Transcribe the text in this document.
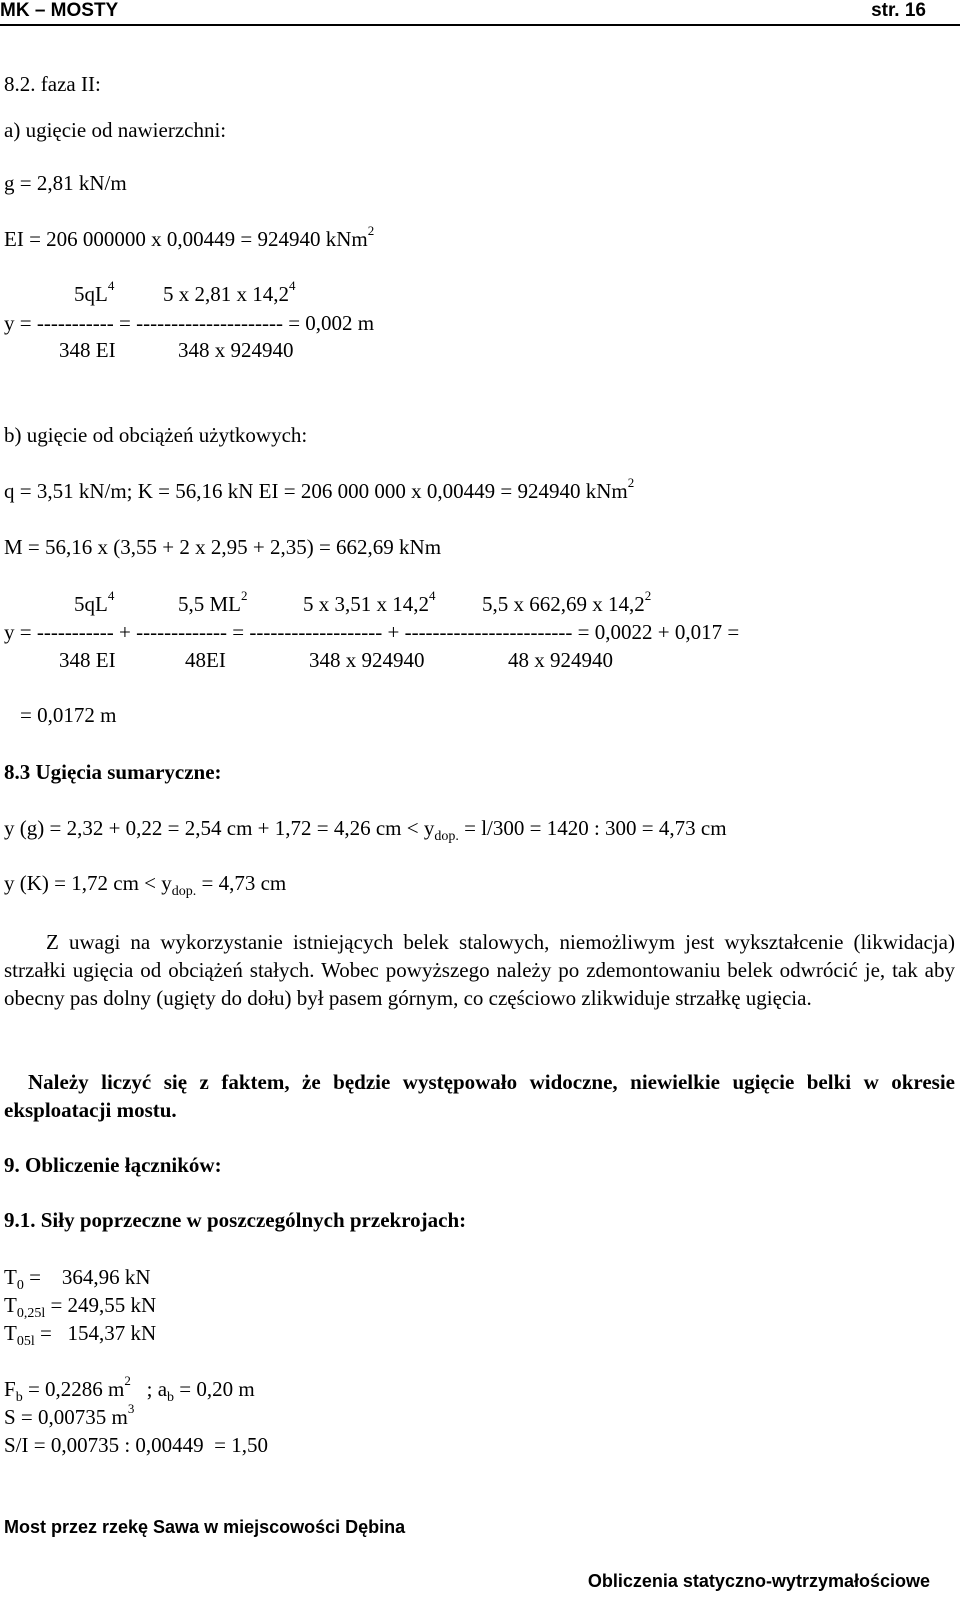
MK – MOSTY	str. 16
8.2. faza II:
a) ugięcie od nawierzchni:
g = 2,81 kN/m
EI = 206 000000 x 0,00449 = 924940 kNm$^2$
$5qL^4$ 5 x 2,81 x 14,2$^4$
y = ----------- = --------------------- = 0,002 m
348 EI	348 x 924940
b) ugięcie od obciążeń użytkowych:
q = 3,51 kN/m; K = 56,16 kN EI = 206 000 000 x 0,00449 = 924940 kNm$^2$
M = 56,16 x (3,55 + 2 x 2,95 + 2,35) = 662,69 kNm
$5qL^4$	5,5 $ML^2$	5 x 3,51 x 14,2$^4$ 5,5 x 662,69 x 14,2$^2$
y = ----------- + ------------- = ------------------- + ------------------------ = 0,0022 + 0,017 =
348 EI	48EI	348 x 924940	48 x 924940
= 0,0172 m
8.3 Ugięcia sumaryczne:
y (g) = 2,32 + 0,22 = 2,54 cm + 1,72 = 4,26 cm < $y_{dop.} = l/300 = 1420$ : 300 = 4,73 cm
y (K) = 1,72 cm < $y_{dop.} = 4,73$ cm
Z uwagi na wykorzystanie istniejących belek stalowych, niemożliwym jest wykształcenie (likwidacja) strzałki ugięcia od obciążeń stałych. Wobec powyższego należy po zdemontowaniu belek odwrócić je, tak aby obecny pas dolny (ugięty do dołu) był pasem górnym, co częściowo zlikwiduje strzałkę ugięcia.
Należy liczyć się z faktem, że będzie występowało widoczne, niewielkie ugięcie belki w okresie eksploatacji mostu.
9. Obliczenie łączników:
9.1. Siły poprzeczne w poszczególnych przekrojach:
$T_0$ =    364,96 kN
$T_{0,25l} = 249,55$ kN
$T_{05l} = 154,37$ kN
$F_b = 0,2286$ $m^2$   ; $a_b = 0,20$ m
S = 0,00735 $m^3$
S/I = 0,00735 : 0,00449  = 1,50
Most przez rzekę Sawa w miejscowości Dębina
Obliczenia statyczno-wytrzymałościowe
